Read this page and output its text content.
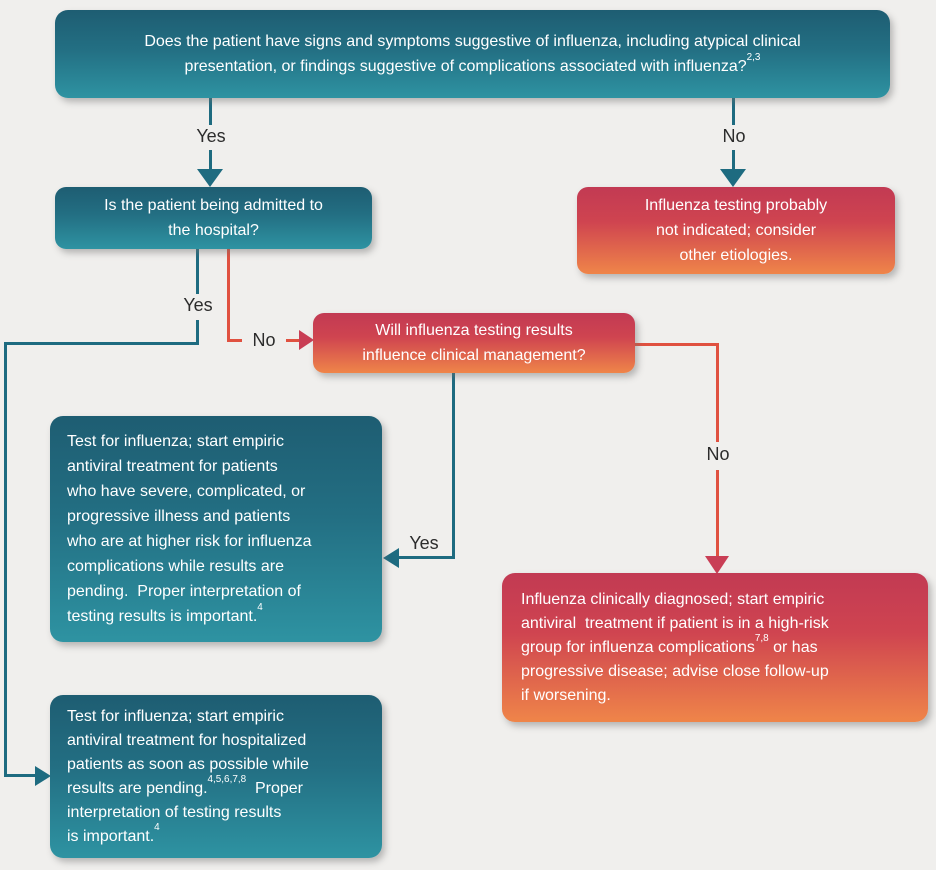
Yes	No
Yes
No
Yes
No
Does the patient have signs and symptoms suggestive of influenza, including atypical clinical
presentation, or findings suggestive of complications associated with influenza?$^{2,3}$
Is the patient being admitted to
the hospital?
Influenza testing probably
not indicated; consider
other etiologies.
Will influenza testing results
influence clinical management?
Test for influenza; start empiric
antiviral treatment for patients
who have severe, complicated, or
progressive illness and patients
who are at higher risk for influenza
complications while results are
pending.  Proper interpretation of
testing results is important.$^4$
Test for influenza; start empiric
antiviral treatment for hospitalized
patients as soon as possible while
results are pending.$^{4,5,6,7,8}$  Proper
interpretation of testing results
is important.$^4$
Influenza clinically diagnosed; start empiric
antiviral  treatment if patient is in a high-risk
group for influenza complications$^{7,8}$ or has
progressive disease; advise close follow-up
if worsening.
